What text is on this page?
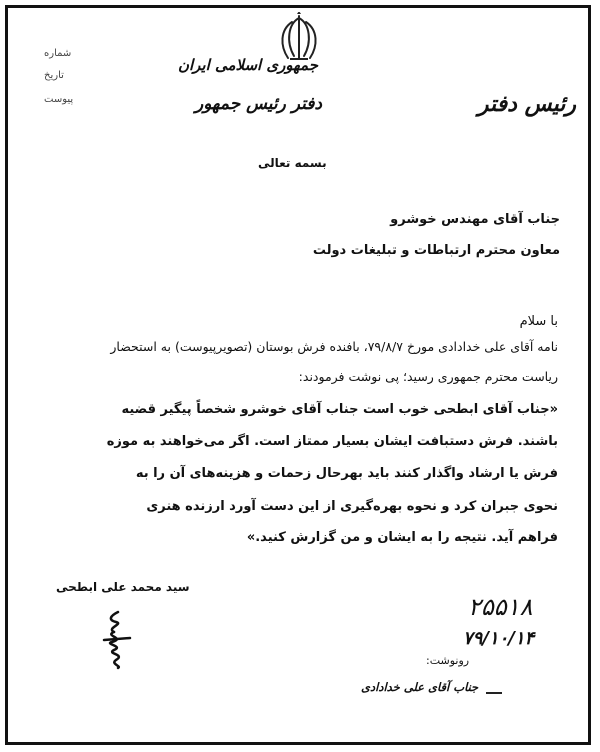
جمهوری اسلامی ایران
دفتر رئیس جمهور	رئیس دفتر
شماره
تاریخ
پیوست
بسمه تعالی
جناب آقای مهندس خوشرو
معاون محترم ارتباطات و تبلیغات دولت
با سلام
نامه آقای علی خدادادی مورخ ۷۹/۸/۷، بافنده فرش بوستان (تصویرپیوست) به استحضار
ریاست محترم جمهوری رسید؛ پی نوشت فرمودند:
«جناب آقای ابطحی خوب است جناب آقای خوشرو شخصاً پیگیر قضیه
باشند. فرش دستبافت ایشان بسیار ممتاز است. اگر می‌خواهند به موزه
فرش یا ارشاد واگذار کنند باید بهرحال زحمات و هزینه‌های آن را به
نحوی جبران کرد و نحوه بهره‌گیری از این دست آورد ارزنده هنری
فراهم آید. نتیجه را به ایشان و من گزارش کنید.»
سید محمد علی ابطحی
۲۵۵۱۸
۷۹/۱۰/۱۴
رونوشت:
جناب آقای علی خدادادی
